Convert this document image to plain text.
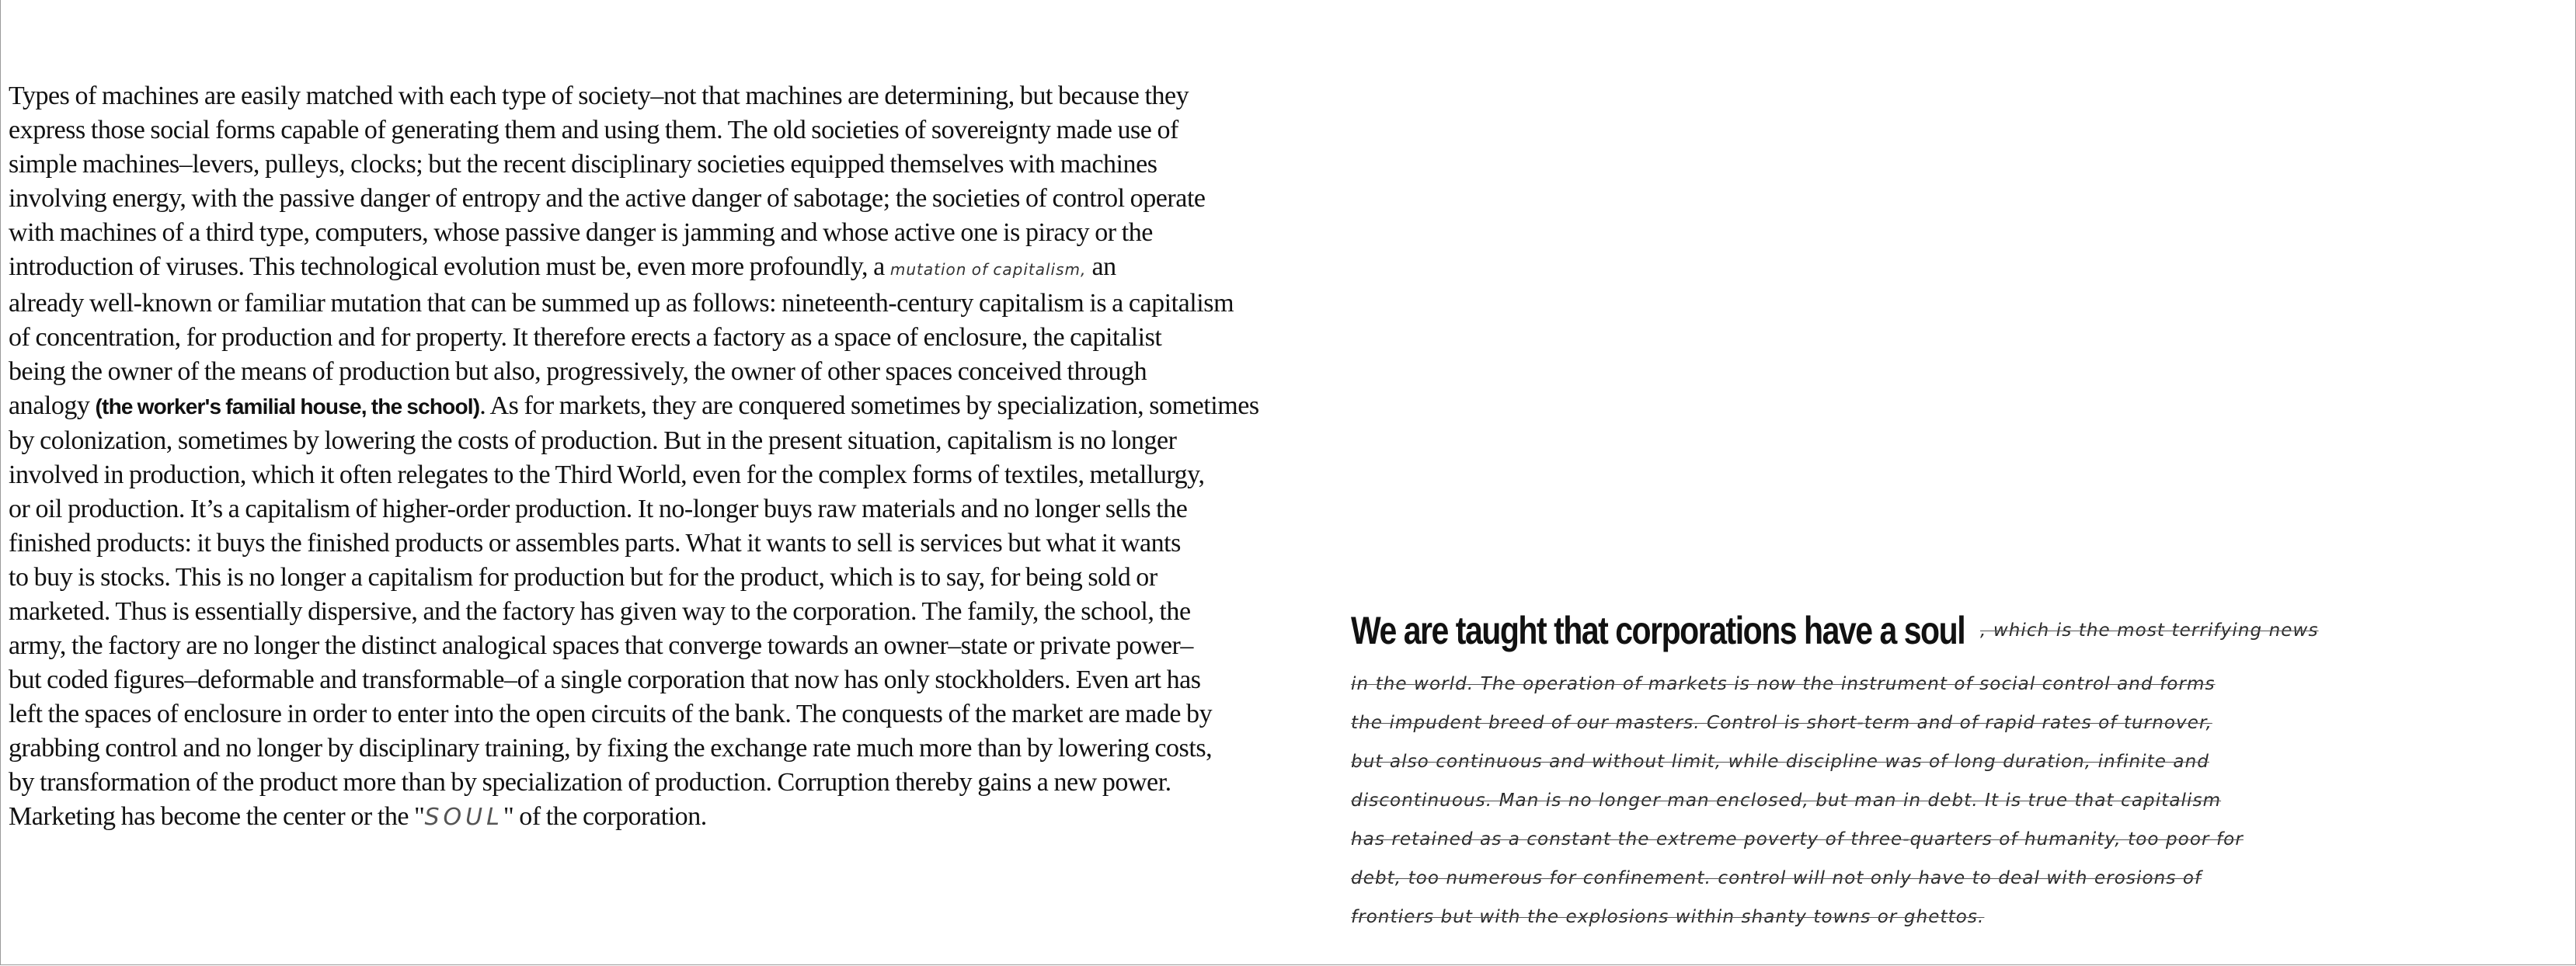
Types of machines are easily matched with each type of society–not that machines are determining, but because they
express those social forms capable of generating them and using them. The old societies of sovereignty made use of
simple machines–levers, pulleys, clocks; but the recent disciplinary societies equipped themselves with machines
involving energy, with the passive danger of entropy and the active danger of sabotage; the societies of control operate
with machines of a third type, computers, whose passive danger is jamming and whose active one is piracy or the
introduction of viruses. This technological evolution must be, even more profoundly, a mutation of capitalism, an
already well-known or familiar mutation that can be summed up as follows: nineteenth-century capitalism is a capitalism
of concentration, for production and for property. It therefore erects a factory as a space of enclosure, the capitalist
being the owner of the means of production but also, progressively, the owner of other spaces conceived through
analogy (the worker's familial house, the school). As for markets, they are conquered sometimes by specialization, sometimes
by colonization, sometimes by lowering the costs of production. But in the present situation, capitalism is no longer
involved in production, which it often relegates to the Third World, even for the complex forms of textiles, metallurgy,
or oil production. It’s a capitalism of higher-order production. It no-longer buys raw materials and no longer sells the
finished products: it buys the finished products or assembles parts. What it wants to sell is services but what it wants
to buy is stocks. This is no longer a capitalism for production but for the product, which is to say, for being sold or
marketed. Thus is essentially dispersive, and the factory has given way to the corporation. The family, the school, the
army, the factory are no longer the distinct analogical spaces that converge towards an owner–state or private power–
but coded figures–deformable and transformable–of a single corporation that now has only stockholders. Even art has
left the spaces of enclosure in order to enter into the open circuits of the bank. The conquests of the market are made by
grabbing control and no longer by disciplinary training, by fixing the exchange rate much more than by lowering costs,
by transformation of the product more than by specialization of production. Corruption thereby gains a new power.
Marketing has become the center or the "SOUL" of the corporation.
We are taught that corporations have a soul , which is the most terrifying news
in the world. The operation of markets is now the instrument of social control and forms
the impudent breed of our masters. Control is short-term and of rapid rates of turnover,
but also continuous and without limit, while discipline was of long duration, infinite and
discontinuous. Man is no longer man enclosed, but man in debt. It is true that capitalism
has retained as a constant the extreme poverty of three-quarters of humanity, too poor for
debt, too numerous for confinement. control will not only have to deal with erosions of
frontiers but with the explosions within shanty towns or ghettos.
